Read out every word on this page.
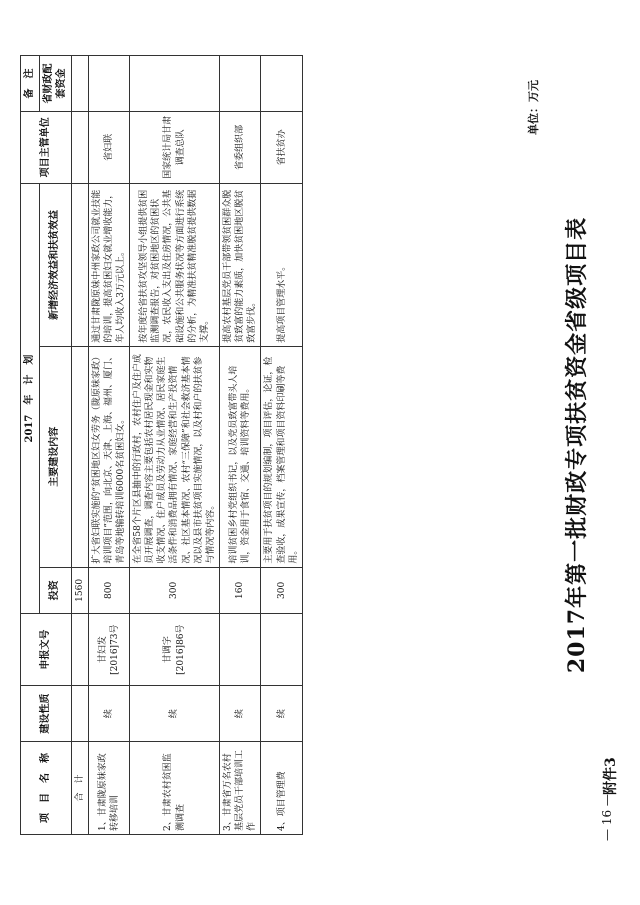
— 16 —
附件3
2017年第一批财政专项扶贫资金省级项目表
单位：万元
项　目　名　称	建设性质	申报文号	2017　年　计　划			项目主管单位	备　注
			投资	主要建设内容	新增经济效益和扶贫效益		省财政配套资金
合　计			1560				
1、甘肃陇原妹家政转移培训	续	甘妇发[2016]73号	800	扩大省妇联实施的“贫困地区妇女劳务（陇原妹家政）培训项目”范围，向北京、天津、上海、福州、厦门、青岛等地输转培训6000名贫困妇女。	通过甘肃陇原妹中州家政公司就业技能的培训，提高贫困妇女就业增收能力，年人均收入3万元以上。	省妇联	
2、甘肃农村贫困监测调查	续	甘调字[2016]86号	300	在全省58个片区县抽中的行政村，农村住户及住户成员开展调查，调查内容主要包括农村居民现金和实物收支情况、住户成员及劳动力从业情况、居民家庭生活条件和消费品拥有情况、家庭经营和生产投资情况、社区基本情况、农村“三保障”和社会救济基本情况以及县市扶贫项目实施情况，以及村和户的扶贫参与情况等内容。	按年度给省扶贫攻坚领导小组提供贫困监测调查报告，对贫困地区的贫困状况，农民收入支出及住房情况，公共基础设施和公共服务状况等方面进行系统的分析，为精准扶贫精准脱贫提供数据支撑。	国家统计局甘肃调查总队	
3、甘肃省万名农村基层党员干部培训工作	续		160	培训贫困乡村党组织书记，以及党员致富带头人培训，资金用于食宿、交通、培训资料等费用。	提高农村基层党员干部带领贫困群众脱贫致富的能力素质，加快贫困地区脱贫致富步伐。	省委组织部	
4、项目管理费	续		300	主要用于扶贫项目的规划编制，项目评估，论证，检查验收，成果宣传，档案管理和项目资料印刷等费用。	提高项目管理水平。	省扶贫办	
